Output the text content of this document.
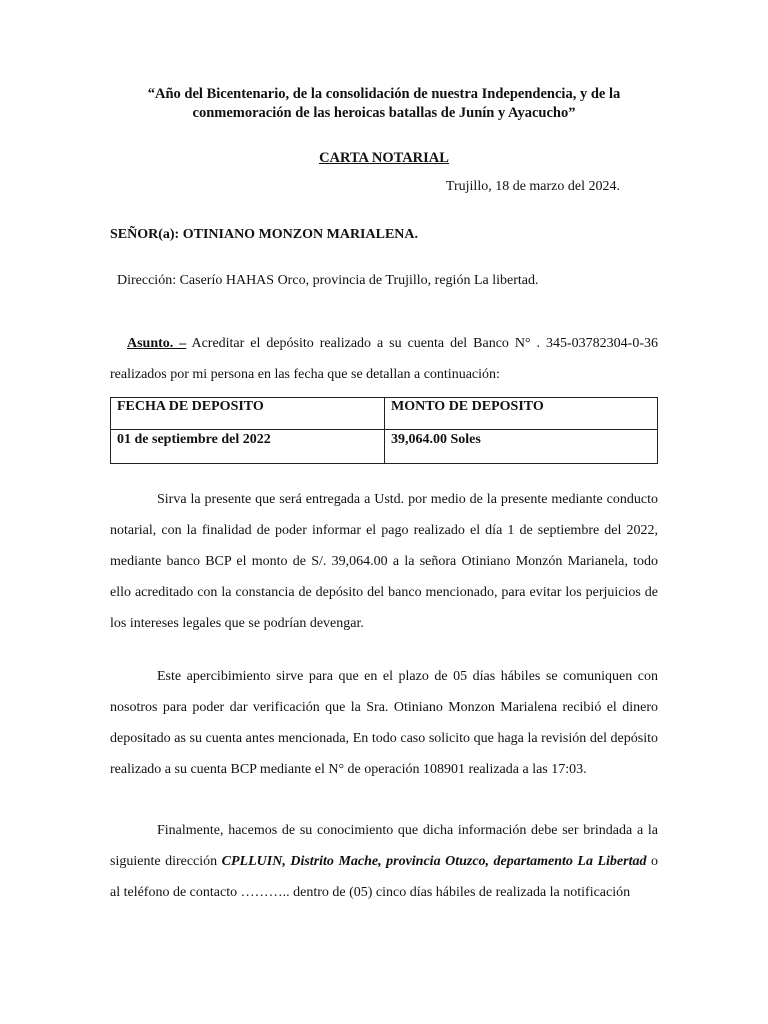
“Año del Bicentenario, de la consolidación de nuestra Independencia, y de la
conmemoración de las heroicas batallas de Junín y Ayacucho”
CARTA NOTARIAL
Trujillo, 18 de marzo del 2024.
SEÑOR(a): OTINIANO MONZON MARIALENA.
Dirección: Caserío HAHAS Orco, provincia de Trujillo, región La libertad.
Asunto. – Acreditar el depósito realizado a su cuenta del Banco N° . 345-03782304-0-36 realizados por mi persona en las fecha que se detallan a continuación:
FECHA DE DEPOSITO	MONTO DE DEPOSITO
01 de septiembre del 2022	39,064.00 Soles
Sirva la presente que será entregada a Ustd. por medio de la presente mediante conducto notarial, con la finalidad de poder informar el pago realizado el día 1 de septiembre del 2022, mediante banco BCP el monto de S/. 39,064.00 a la señora Otiniano Monzón Marianela, todo ello acreditado con la constancia de depósito del banco mencionado, para evitar los perjuicios de los intereses legales que se podrían devengar.
Este apercibimiento sirve para que en el plazo de 05 días hábiles se comuniquen con nosotros para poder dar verificación que la Sra. Otiniano Monzon Marialena recibió el dinero depositado as su cuenta antes mencionada, En todo caso solicito que haga la revisión del depósito realizado a su cuenta BCP mediante el N° de operación 108901 realizada a las 17:03.
Finalmente, hacemos de su conocimiento que dicha información debe ser brindada a la siguiente dirección CPLLUIN, Distrito Mache, provincia Otuzco, departamento La Libertad o al teléfono de contacto ……….. dentro de (05) cinco días hábiles de realizada la notificación
